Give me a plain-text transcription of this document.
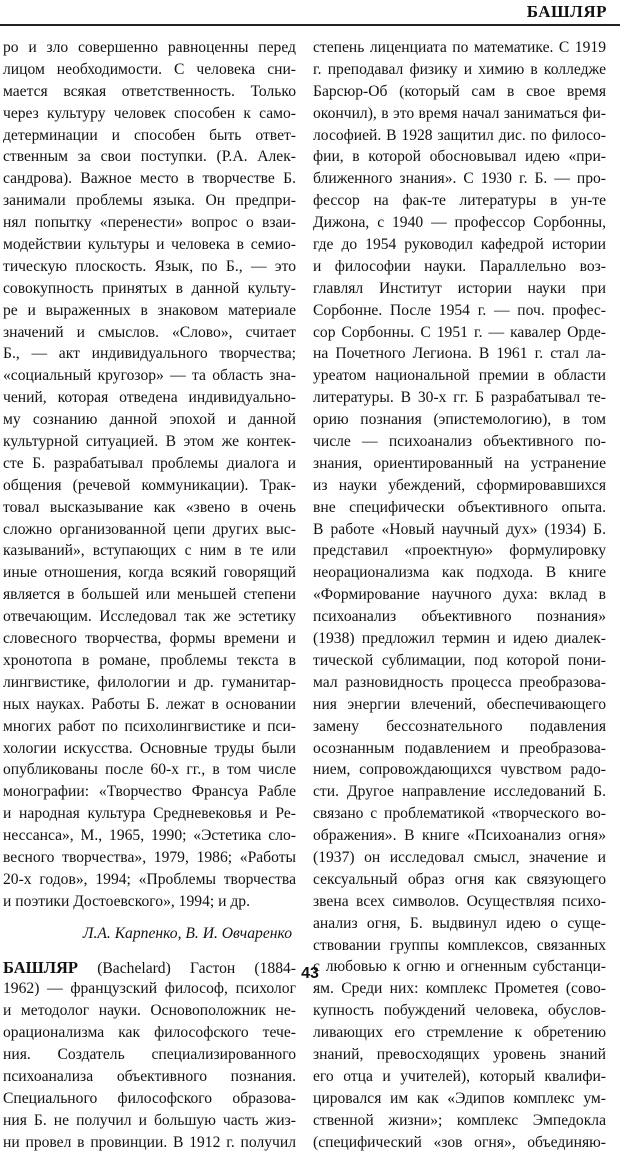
БАШЛЯР
ро и зло совершенно равноценны перед
лицом необходимости. С человека сни-
мается всякая ответственность. Только
через культуру человек способен к само-
детерминации и способен быть ответ-
ственным за свои поступки. (Р.А. Алек-
сандрова). Важное место в творчестве Б.
занимали проблемы языка. Он предпри-
нял попытку «перенести» вопрос о взаи-
модействии культуры и человека в семио-
тическую плоскость. Язык, по Б., — это
совокупность принятых в данной культу-
ре и выраженных в знаковом материале
значений и смыслов. «Слово», считает
Б., — акт индивидуального творчества;
«социальный кругозор» — та область зна-
чений, которая отведена индивидуально-
му сознанию данной эпохой и данной
культурной ситуацией. В этом же контек-
сте Б. разрабатывал проблемы диалога и
общения (речевой коммуникации). Трак-
товал высказывание как «звено в очень
сложно организованной цепи других выс-
казываний», вступающих с ним в те или
иные отношения, когда всякий говорящий
является в большей или меньшей степени
отвечающим. Исследовал так же эстетику
словесного творчества, формы времени и
хронотопа в романе, проблемы текста в
лингвистике, филологии и др. гуманитар-
ных науках. Работы Б. лежат в основании
многих работ по психолингвистике и пси-
хологии искусства. Основные труды были
опубликованы после 60-х гг., в том числе
монографии: «Творчество Франсуа Рабле
и народная культура Средневековья и Ре-
нессанса», М., 1965, 1990; «Эстетика сло-
весного творчества», 1979, 1986; «Работы
20-х годов», 1994; «Проблемы творчества
и поэтики Достоевского», 1994; и др.
Л.А. Карпенко, В. И. Овчаренко
БАШЛЯР (Bachelard) Гастон (1884-
1962) — французский философ, психолог
и методолог науки. Основоположник не-
орационализма как философского тече-
ния. Создатель специализированного
психоанализа объективного познания.
Специального философского образова-
ния Б. не получил и большую часть жиз-
ни провел в провинции. В 1912 г. получил
степень лиценциата по математике. С 1919
г. преподавал физику и химию в колледже
Барсюр-Об (который сам в свое время
окончил), в это время начал заниматься фи-
лософией. В 1928 защитил дис. по филосо-
фии, в которой обосновывал идею «при-
ближенного знания». С 1930 г. Б. — про-
фессор на фак-те литературы в ун-те
Дижона, с 1940 — профессор Сорбонны,
где до 1954 руководил кафедрой истории
и философии науки. Параллельно воз-
главлял Институт истории науки при
Сорбонне. После 1954 г. — поч. профес-
сор Сорбонны. С 1951 г. — кавалер Орде-
на Почетного Легиона. В 1961 г. стал ла-
уреатом национальной премии в области
литературы. В 30-х гг. Б разрабатывал те-
орию познания (эпистемологию), в том
числе — психоанализ объективного по-
знания, ориентированный на устранение
из науки убеждений, сформировавшихся
вне специфически объективного опыта.
В работе «Новый научный дух» (1934) Б.
представил «проектную» формулировку
неорационализма как подхода. В книге
«Формирование научного духа: вклад в
психоанализ объективного познания»
(1938) предложил термин и идею диалек-
тической сублимации, под которой пони-
мал разновидность процесса преобразова-
ния энергии влечений, обеспечивающего
замену бессознательного подавления
осознанным подавлением и преобразова-
нием, сопровождающихся чувством радо-
сти. Другое направление исследований Б.
связано с проблематикой «творческого во-
ображения». В книге «Психоанализ огня»
(1937) он исследовал смысл, значение и
сексуальный образ огня как связующего
звена всех символов. Осуществляя психо-
анализ огня, Б. выдвинул идею о суще-
ствовании группы комплексов, связанных
с любовью к огню и огненным субстанци-
ям. Среди них: комплекс Прометея (сово-
купность побуждений человека, обуслов-
ливающих его стремление к обретению
знаний, превосходящих уровень знаний
его отца и учителей), который квалифи-
цировался им как «Эдипов комплекс ум-
ственной жизни»; комплекс Эмпедокла
(специфический «зов огня», объединяю-
43
